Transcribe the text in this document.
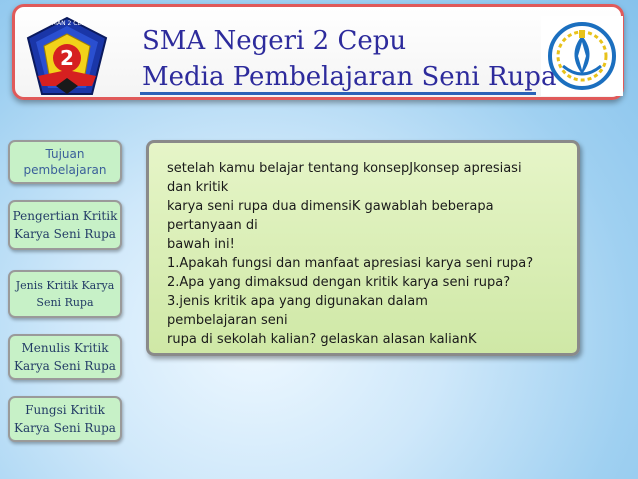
2
SMAN 2 CEPU
SMA Negeri 2 Cepu
Media Pembelajaran Seni Rupa
Tujuan
pembelajaran
Pengertian Kritik
Karya Seni Rupa
Jenis Kritik Karya
Seni Rupa
Menulis Kritik
Karya Seni Rupa
Fungsi Kritik
Karya Seni Rupa
setelah kamu belajar tentang konsepJkonsep apresiasi
dan kritik
karya seni rupa dua dimensiK gawablah beberapa
pertanyaan di
bawah ini!
1.Apakah fungsi dan manfaat apresiasi karya seni rupa?
2.Apa yang dimaksud dengan kritik karya seni rupa?
3.jenis kritik apa yang digunakan dalam
pembelajaran seni
rupa di sekolah kalian? gelaskan alasan kalianK
